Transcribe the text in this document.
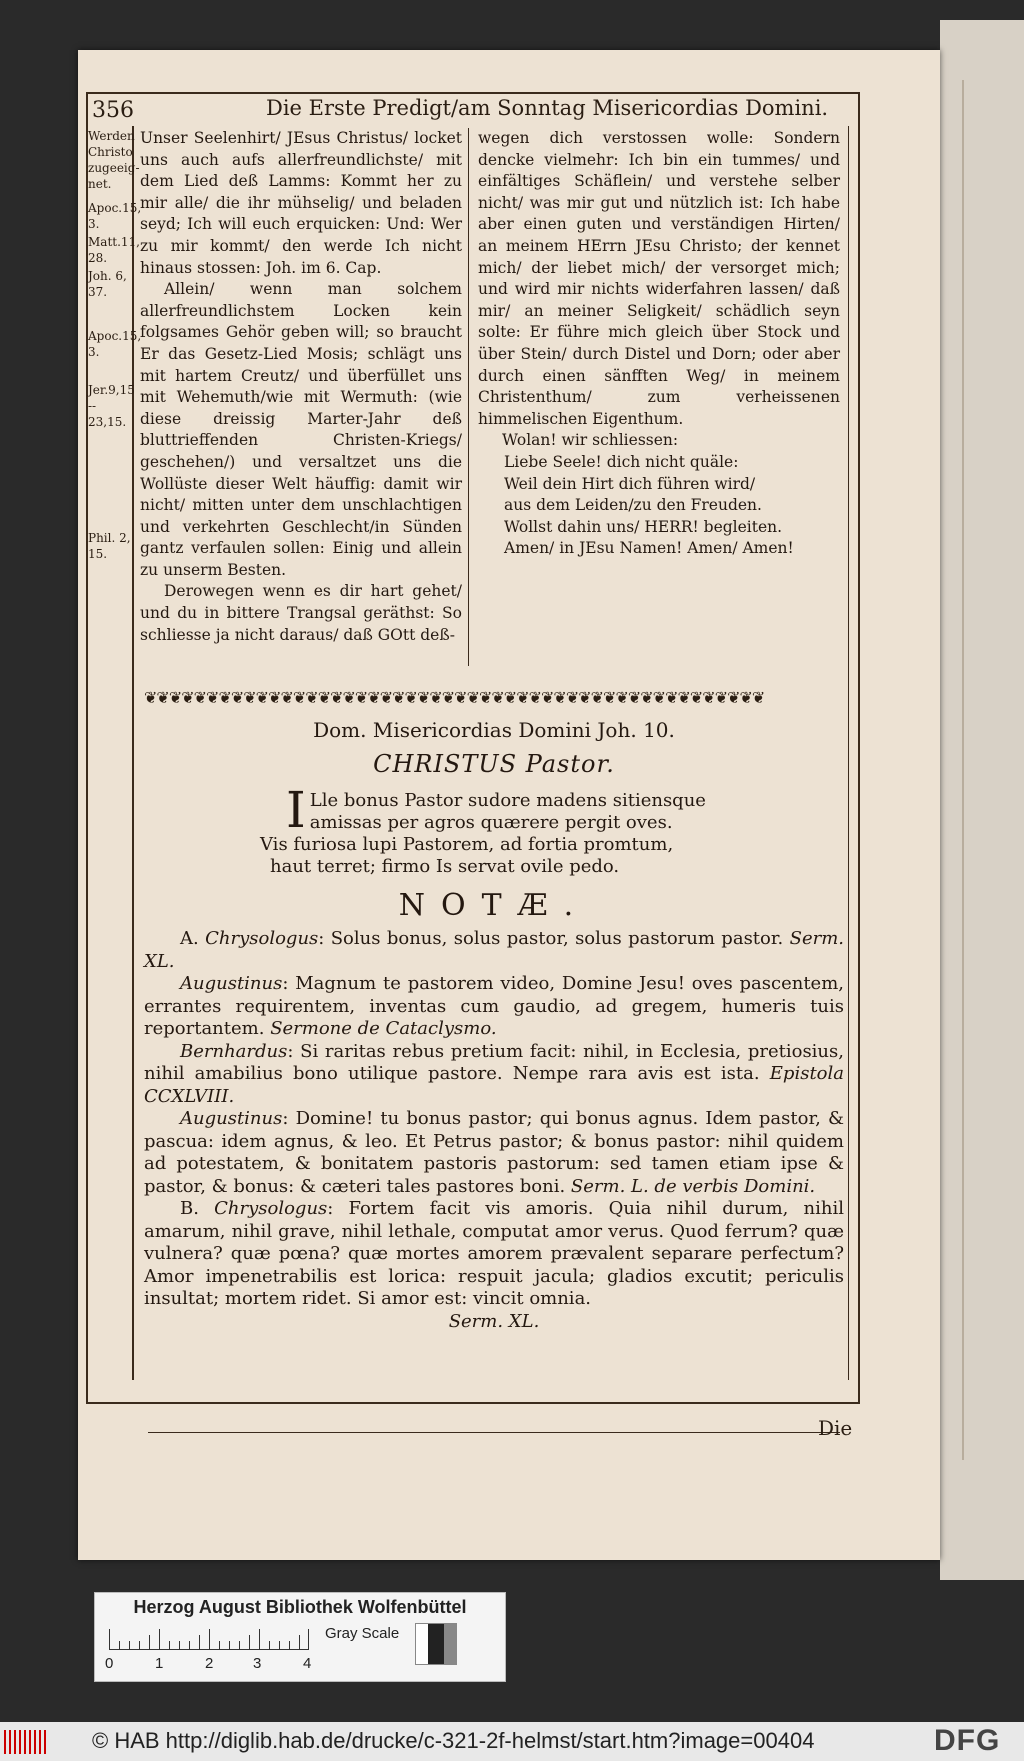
356	Die Erste Predigt/am Sonntag Misericordias Domini.
Werden Christo zugeeig-net.
Apoc.15, 3.
Matt.11, 28.
Joh. 6, 37.
Apoc.15, 3.
Jer.9,15 -- 23,15.
Phil. 2, 15.

Unser Seelenhirt/ JEsus Christus/ locket uns auch aufs allerfreundlichste/ mit dem Lied deß Lamms: Kommt her zu mir alle/ die ihr mühselig/ und beladen seyd; Ich will euch erquicken: Und: Wer zu mir kommt/ den werde Ich nicht hinaus stossen: Joh. im 6. Cap.

Allein/ wenn man solchem allerfreundlichstem Locken kein folgsames Gehör geben will; so braucht Er das Gesetz-Lied Mosis; schlägt uns mit hartem Creutz/ und überfüllet uns mit Wehemuth/wie mit Wermuth: (wie diese dreissig Marter-Jahr deß bluttrieffenden Christen-Kriegs/ geschehen/) und versaltzet uns die Wollüste dieser Welt häuffig: damit wir nicht/ mitten unter dem unschlachtigen und verkehrten Geschlecht/in Sünden gantz verfaulen sollen: Einig und allein zu unserm Besten.

Derowegen wenn es dir hart gehet/ und du in bittere Trangsal geräthst: So schliesse ja nicht daraus/ daß GOtt deß-

wegen dich verstossen wolle: Sondern dencke vielmehr: Ich bin ein tummes/ und einfältiges Schäflein/ und verstehe selber nicht/ was mir gut und nützlich ist: Ich habe aber einen guten und verständigen Hirten/ an meinem HErrn JEsu Christo; der kennet mich/ der liebet mich/ der versorget mich; und wird mir nichts widerfahren lassen/ daß mir/ an meiner Seligkeit/ schädlich seyn solte: Er führe mich gleich über Stock und über Stein/ durch Distel und Dorn; oder aber durch einen sänfften Weg/ in meinem Christenthum/ zum verheissenen himmelischen Eigenthum.

Wolan! wir schliessen:

Liebe Seele! dich nicht quäle:

Weil dein Hirt dich führen wird/

aus dem Leiden/zu den Freuden.

Wollst dahin uns/ HERR! begleiten.

Amen/ in JEsu Namen! Amen/ Amen!

❦❦❦❦❦❦❦❦❦❦❦❦❦❦❦❦❦❦❦❦❦❦❦❦❦❦❦❦❦❦❦❦❦❦❦❦❦❦❦❦❦❦❦❦❦❦❦❦❦❦
Dom. Misericordias Domini Joh. 10.
CHRISTUS Pastor.
I Lle bonus Pastor sudore madens sitiensque
amissas per agros quærere pergit oves.
Vis furiosa lupi Pastorem, ad fortia promtum,
haut terret; firmo Is servat ovile pedo.
NOTÆ.

A. Chrysologus: Solus bonus, solus pastor, solus pastorum pastor. Serm. XL.

Augustinus: Magnum te pastorem video, Domine Jesu! oves pascentem, errantes requirentem, inventas cum gaudio, ad gregem, humeris tuis reportantem. Sermone de Cataclysmo.

Bernhardus: Si raritas rebus pretium facit: nihil, in Ecclesia, pretiosius, nihil amabilius bono utilique pastore. Nempe rara avis est ista. Epistola CCXLVIII.

Augustinus: Domine! tu bonus pastor; qui bonus agnus. Idem pastor, & pascua: idem agnus, & leo. Et Petrus pastor; & bonus pastor: nihil quidem ad potestatem, & bonitatem pastoris pastorum: sed tamen etiam ipse & pastor, & bonus: & cæteri tales pastores boni. Serm. L. de verbis Domini.

B. Chrysologus: Fortem facit vis amoris. Quia nihil durum, nihil amarum, nihil grave, nihil lethale, computat amor verus. Quod ferrum? quæ vulnera? quæ pœna? quæ mortes amorem prævalent separare perfectum? Amor impenetrabilis est lorica: respuit jacula; gladios excutit; periculis insultat; mortem ridet. Si amor est: vincit omnia.

Serm. XL.

Die
Herzog August Bibliothek Wolfenbüttel
0	1	2	3	4
Gray Scale
© HAB http://diglib.hab.de/drucke/c-321-2f-helmst/start.htm?image=00404	DFG
